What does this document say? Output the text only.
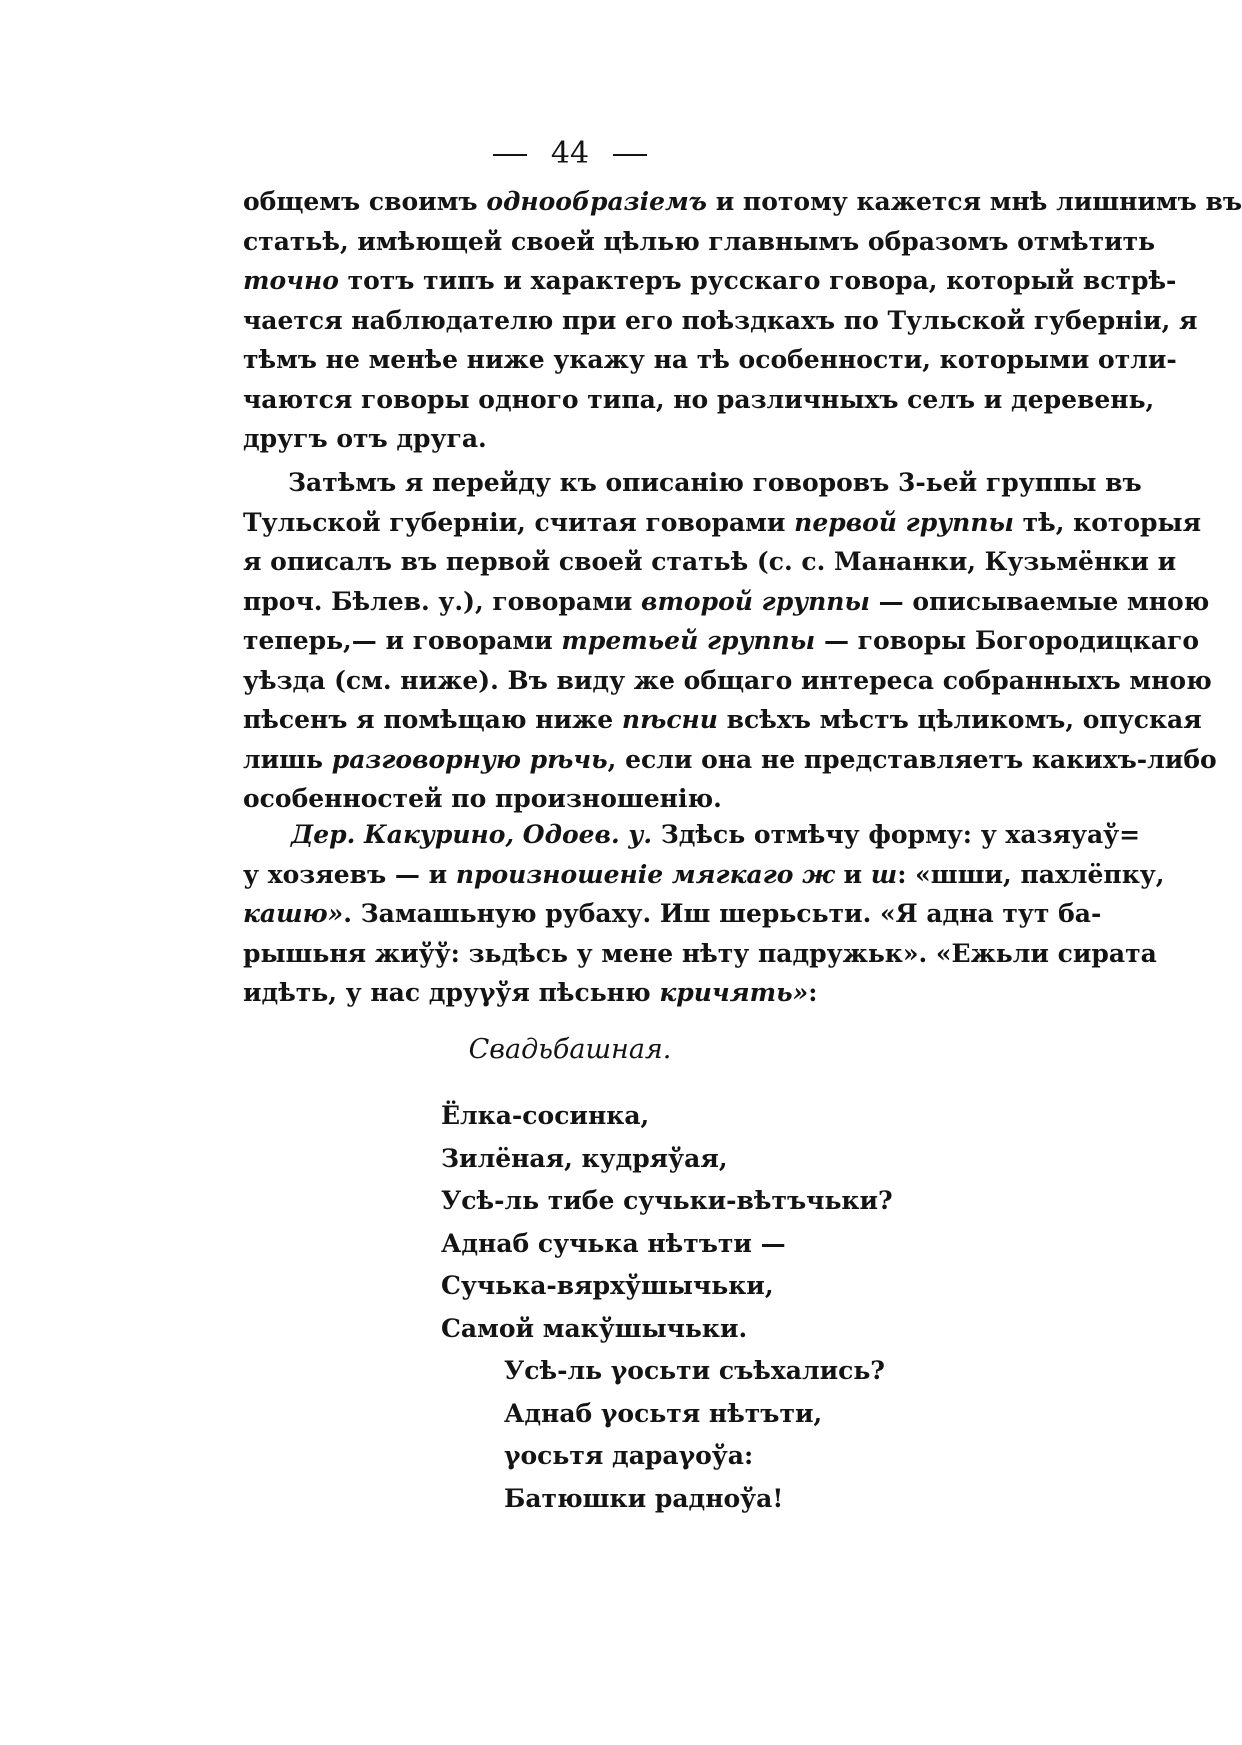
44
общемъ своимъ однообразiемъ и потому кажется мнѣ лишнимъ въ
статьѣ, имѣющей своей цѣлью главнымъ образомъ отмѣтить
точно тотъ типъ и характеръ русскаго говора, который встрѣ-
чается наблюдателю при его поѣздкахъ по Тульской губернiи, я
тѣмъ не менѣе ниже укажу на тѣ особенности, которыми отли-
чаются говоры одного типа, но различныхъ селъ и деревень,
другъ отъ друга.
Затѣмъ я перейду къ описанiю говоровъ 3-ьей группы въ
Тульской губернiи, считая говорами первой группы тѣ, которыя
я описалъ въ первой своей статьѣ (с. с. Мананки, Кузьмёнки и
проч. Бѣлев. у.), говорами второй группы — описываемые мною
теперь,— и говорами третьей группы — говоры Богородицкаго
уѣзда (см. ниже). Въ виду же общаго интереса собранныхъ мною
пѣсенъ я помѣщаю ниже пѣсни всѣхъ мѣстъ цѣликомъ, опуская
лишь разговорную рѣчь, если она не представляетъ какихъ-либо
особенностей по произношенiю.
Дер. Какурино, Одоев. у. Здѣсь отмѣчу форму: у хазяуаў=
у хозяевъ — и произношенiе мягкаго ж и ш: «шши, пахлёпку,
кашю». Замашьную рубаху. Иш шерьсьти. «Я адна тут ба-
рышьня жиўў: зьдѣсь у мене нѣту падружьк». «Ежьли сирата
идѣть, у нас друγўя пѣсьню кричять»:
Свадьбашная.
Ёлка-сосинка,
Зилёная, кудряўая,
Усѣ-ль тибе сучьки-вѣтъчьки?
Аднаб сучька нѣтъти —
Сучька-вярхўшычьки,
Самой макўшычьки.
Усѣ-ль γосьти съѣхались?
Аднаб γосьтя нѣтъти,
γосьтя дараγоўа:
Батюшки радноўа!
